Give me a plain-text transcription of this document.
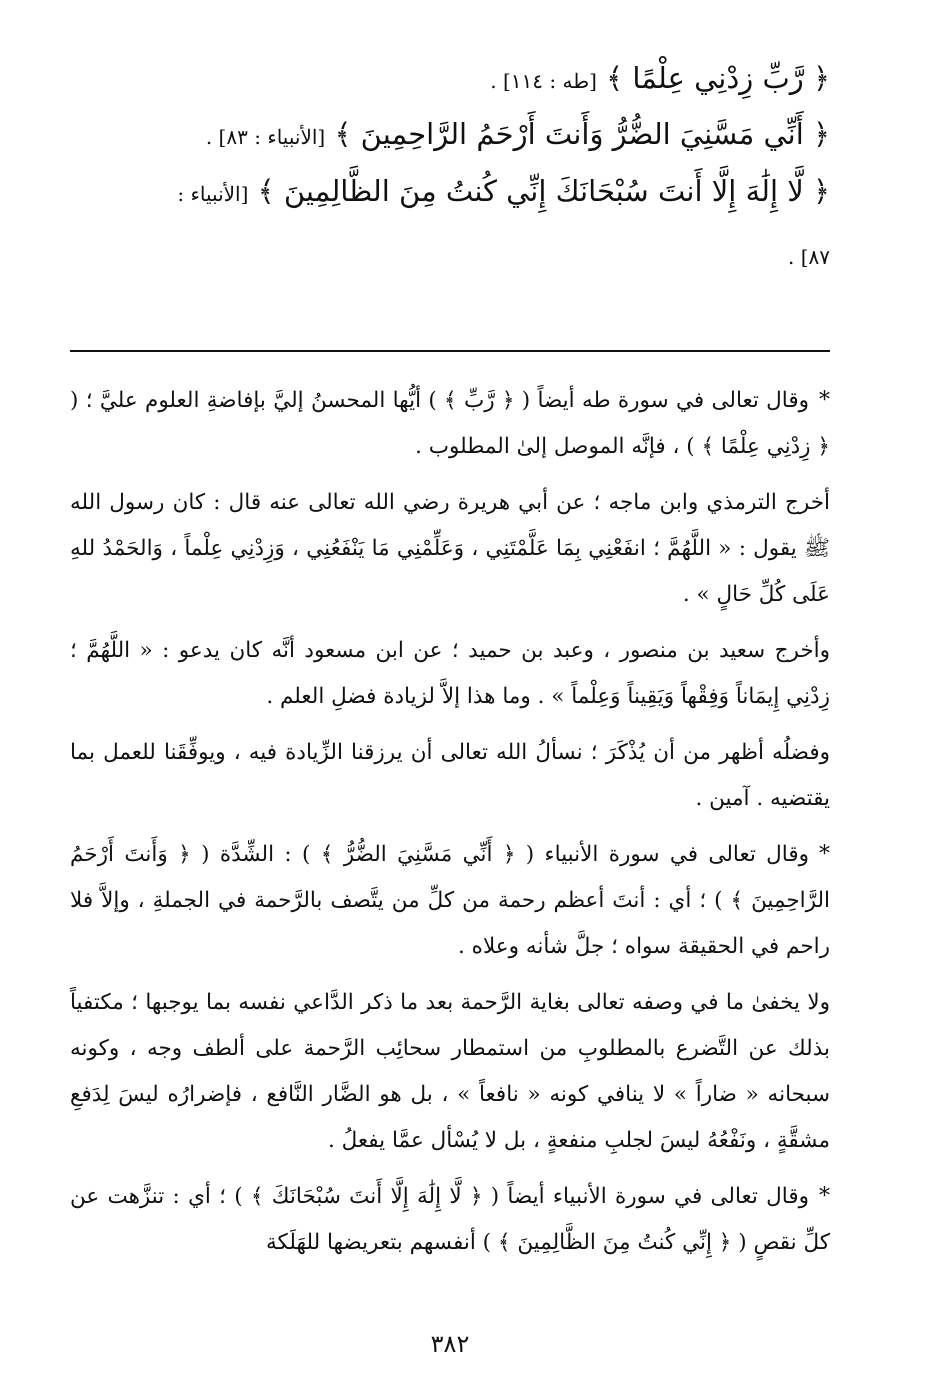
﴿ رَّبِّ زِدْنِي عِلْمًا ﴾ [طه : ١١٤] .
﴿ أَنِّي مَسَّنِيَ الضُّرُّ وَأَنتَ أَرْحَمُ الرَّاحِمِينَ ﴾ [الأنبياء : ٨٣] .
﴿ لَّا إِلَٰهَ إِلَّا أَنتَ سُبْحَانَكَ إِنِّي كُنتُ مِنَ الظَّالِمِينَ ﴾ [الأنبياء :
٨٧] .

*وقال تعالى في سورة طه أيضاً ( ﴿ رَّبِّ ﴾ ) أيُّها المحسنُ إليَّ بإفاضةِ العلوم عليَّ ؛ ( ﴿ زِدْنِي عِلْمًا ﴾ ) ، فإنَّه الموصل إلىٰ المطلوب .

أخرج الترمذي وابن ماجه ؛ عن أبي هريرة رضي الله تعالى عنه قال : كان رسول الله ﷺ يقول : « اللَّهُمَّ ؛ انفَعْنِي بِمَا عَلَّمْتَنِي ، وَعَلِّمْنِي مَا يَنْفَعُنِي ، وَزِدْنِي عِلْماً ، وَالحَمْدُ للهِ عَلَى كُلِّ حَالٍ » .

وأخرج سعيد بن منصور ، وعبد بن حميد ؛ عن ابن مسعود أنَّه كان يدعو : « اللَّهُمَّ ؛ زِدْنِي إِيمَاناً وَفِقْهاً وَيَقِيناً وَعِلْماً » . وما هذا إلاَّ لزيادة فضلِ العلم .

وفضلُه أظهر من أن يُذْكَرَ ؛ نسألُ الله تعالى أن يرزقنا الزِّيادة فيه ، ويوفِّقَنا للعمل بما يقتضيه . آمين .

*وقال تعالى في سورة الأنبياء ( ﴿ أَنِّي مَسَّنِيَ الضُّرُّ ﴾ ) : الشِّدَّة ( ﴿ وَأَنتَ أَرْحَمُ الرَّاحِمِينَ ﴾ ) ؛ أي : أنتَ أعظم رحمة من كلِّ من يتَّصف بالرَّحمة في الجملةِ ، وإلاَّ فلا راحم في الحقيقة سواه ؛ جلَّ شأنه وعلاه .

ولا يخفىٰ ما في وصفه تعالى بغاية الرَّحمة بعد ما ذكر الدَّاعي نفسه بما يوجبها ؛ مكتفياً بذلك عن التَّضرع بالمطلوبِ من استمطار سحائِب الرَّحمة على ألطف وجه ، وكونه سبحانه « ضاراً » لا ينافي كونه « نافعاً » ، بل هو الضَّار النَّافع ، فإضرارُه ليسَ لِدَفعِ مشقَّةٍ ، ونَفْعُهُ ليسَ لجلبِ منفعةٍ ، بل لا يُسْأل عمَّا يفعلُ .

*وقال تعالى في سورة الأنبياء أيضاً ( ﴿ لَّا إِلَٰهَ إِلَّا أَنتَ سُبْحَانَكَ ﴾ ) ؛ أي : تنزَّهت عن كلِّ نقصٍ ( ﴿ إِنِّي كُنتُ مِنَ الظَّالِمِينَ ﴾ ) أنفسهم بتعريضها للهَلَكة

٣٨٢
